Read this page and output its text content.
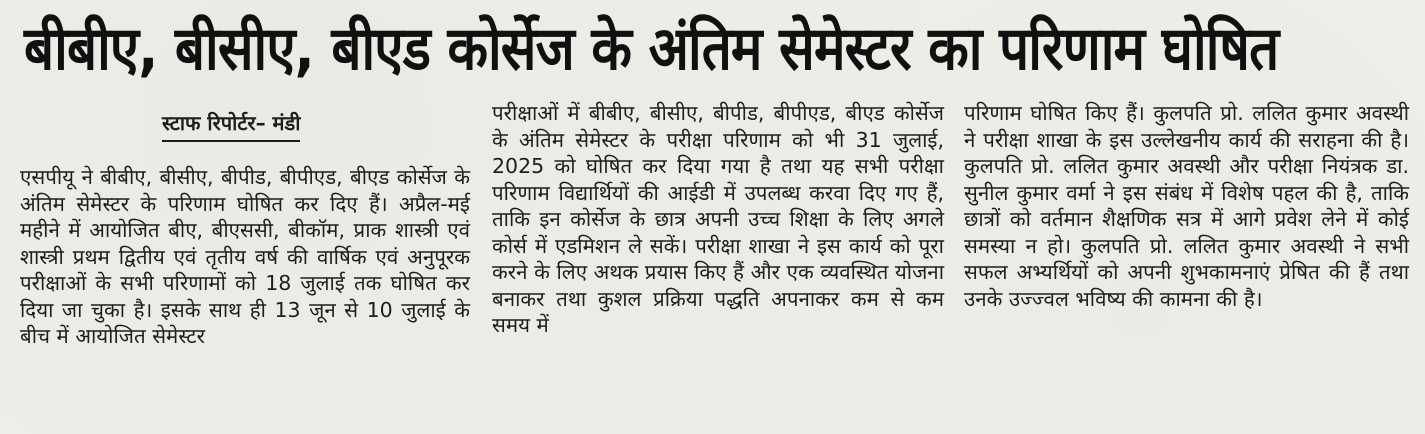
बीबीए, बीसीए, बीएड कोर्सेज के अंतिम सेमेस्टर का परिणाम घोषित
स्टाफ रिपोर्टर– मंडी

एसपीयू ने बीबीए, बीसीए, बीपीड, बीपीएड, बीएड कोर्सेज के अंतिम सेमेस्टर के परिणाम घोषित कर दिए हैं। अप्रैल-मई महीने में आयोजित बीए, बीएससी, बीकॉम, प्राक शास्त्री एवं शास्त्री प्रथम द्वितीय एवं तृतीय वर्ष की वार्षिक एवं अनुपूरक परीक्षाओं के सभी परिणामों को 18 जुलाई तक घोषित कर दिया जा चुका है। इसके साथ ही 13 जून से 10 जुलाई के बीच में आयोजित सेमेस्टर

परीक्षाओं में बीबीए, बीसीए, बीपीड, बीपीएड, बीएड कोर्सेज के अंतिम सेमेस्टर के परीक्षा परिणाम को भी 31 जुलाई, 2025 को घोषित कर दिया गया है तथा यह सभी परीक्षा परिणाम विद्यार्थियों की आईडी में उपलब्ध करवा दिए गए हैं, ताकि इन कोर्सेज के छात्र अपनी उच्च शिक्षा के लिए अगले कोर्स में एडमिशन ले सकें। परीक्षा शाखा ने इस कार्य को पूरा करने के लिए अथक प्रयास किए हैं और एक व्यवस्थित योजना बनाकर तथा कुशल प्रक्रिया पद्धति अपनाकर कम से कम समय में

परिणाम घोषित किए हैं। कुलपति प्रो. ललित कुमार अवस्थी ने परीक्षा शाखा के इस उल्लेखनीय कार्य की सराहना की है। कुलपति प्रो. ललित कुमार अवस्थी और परीक्षा नियंत्रक डा. सुनील कुमार वर्मा ने इस संबंध में विशेष पहल की है, ताकि छात्रों को वर्तमान शैक्षणिक सत्र में आगे प्रवेश लेने में कोई समस्या न हो। कुलपति प्रो. ललित कुमार अवस्थी ने सभी सफल अभ्यर्थियों को अपनी शुभकामनाएं प्रेषित की हैं तथा उनके उज्ज्वल भविष्य की कामना की है।
